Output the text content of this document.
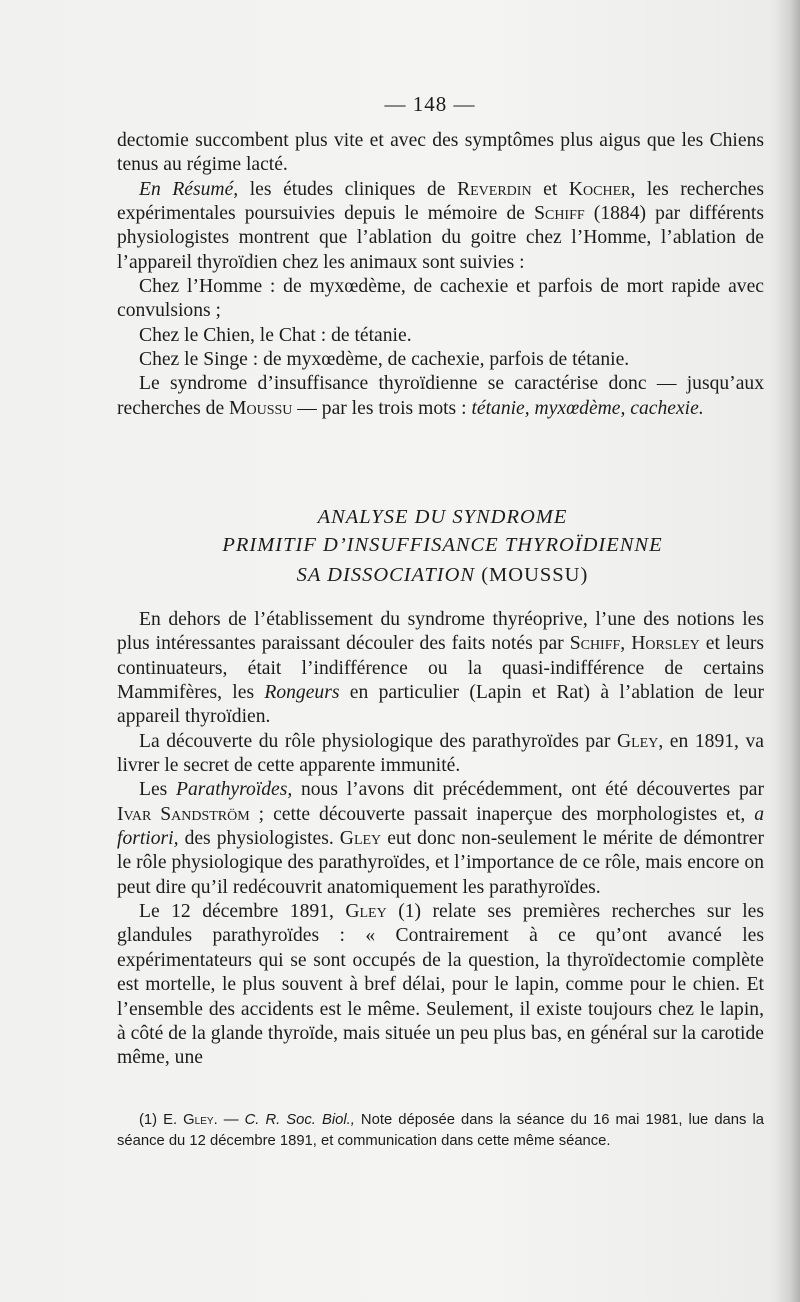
— 148 —

dectomie succombent plus vite et avec des symptômes plus aigus que les Chiens tenus au régime lacté.

En Résumé, les études cliniques de Reverdin et Kocher, les recherches expérimentales poursuivies depuis le mémoire de Schiff (1884) par différents physiologistes montrent que l’ablation du goitre chez l’Homme, l’ablation de l’appareil thyroïdien chez les animaux sont suivies :

Chez l’Homme : de myxœdème, de cachexie et parfois de mort rapide avec convulsions ;

Chez le Chien, le Chat : de tétanie.

Chez le Singe : de myxœdème, de cachexie, parfois de tétanie.

Le syndrome d’insuffisance thyroïdienne se caractérise donc — jusqu’aux recherches de Moussu — par les trois mots : tétanie, myxœdème, cachexie.

ANALYSE DU SYNDROME
PRIMITIF D’INSUFFISANCE THYROÏDIENNE
SA DISSOCIATION (MOUSSU)

En dehors de l’établissement du syndrome thyréoprive, l’une des notions les plus intéressantes paraissant découler des faits notés par Schiff, Horsley et leurs continuateurs, était l’indifférence ou la quasi-indifférence de certains Mammifères, les Rongeurs en particulier (Lapin et Rat) à l’ablation de leur appareil thyroïdien.

La découverte du rôle physiologique des parathyroïdes par Gley, en 1891, va livrer le secret de cette apparente immunité.

Les Parathyroïdes, nous l’avons dit précédemment, ont été découvertes par Ivar Sandström ; cette découverte passait inaperçue des morphologistes et, a fortiori, des physiologistes. Gley eut donc non-seulement le mérite de démontrer le rôle physiologique des parathyroïdes, et l’importance de ce rôle, mais encore on peut dire qu’il redécouvrit anatomiquement les parathyroïdes.

Le 12 décembre 1891, Gley (1) relate ses premières recherches sur les glandules parathyroïdes : « Contrairement à ce qu’ont avancé les expérimentateurs qui se sont occupés de la question, la thyroïdectomie complète est mortelle, le plus souvent à bref délai, pour le lapin, comme pour le chien. Et l’ensemble des accidents est le même. Seulement, il existe toujours chez le lapin, à côté de la glande thyroïde, mais située un peu plus bas, en général sur la carotide même, une

(1) E. Gley. — C. R. Soc. Biol., Note déposée dans la séance du 16 mai 1981, lue dans la séance du 12 décembre 1891, et communication dans cette même séance.
